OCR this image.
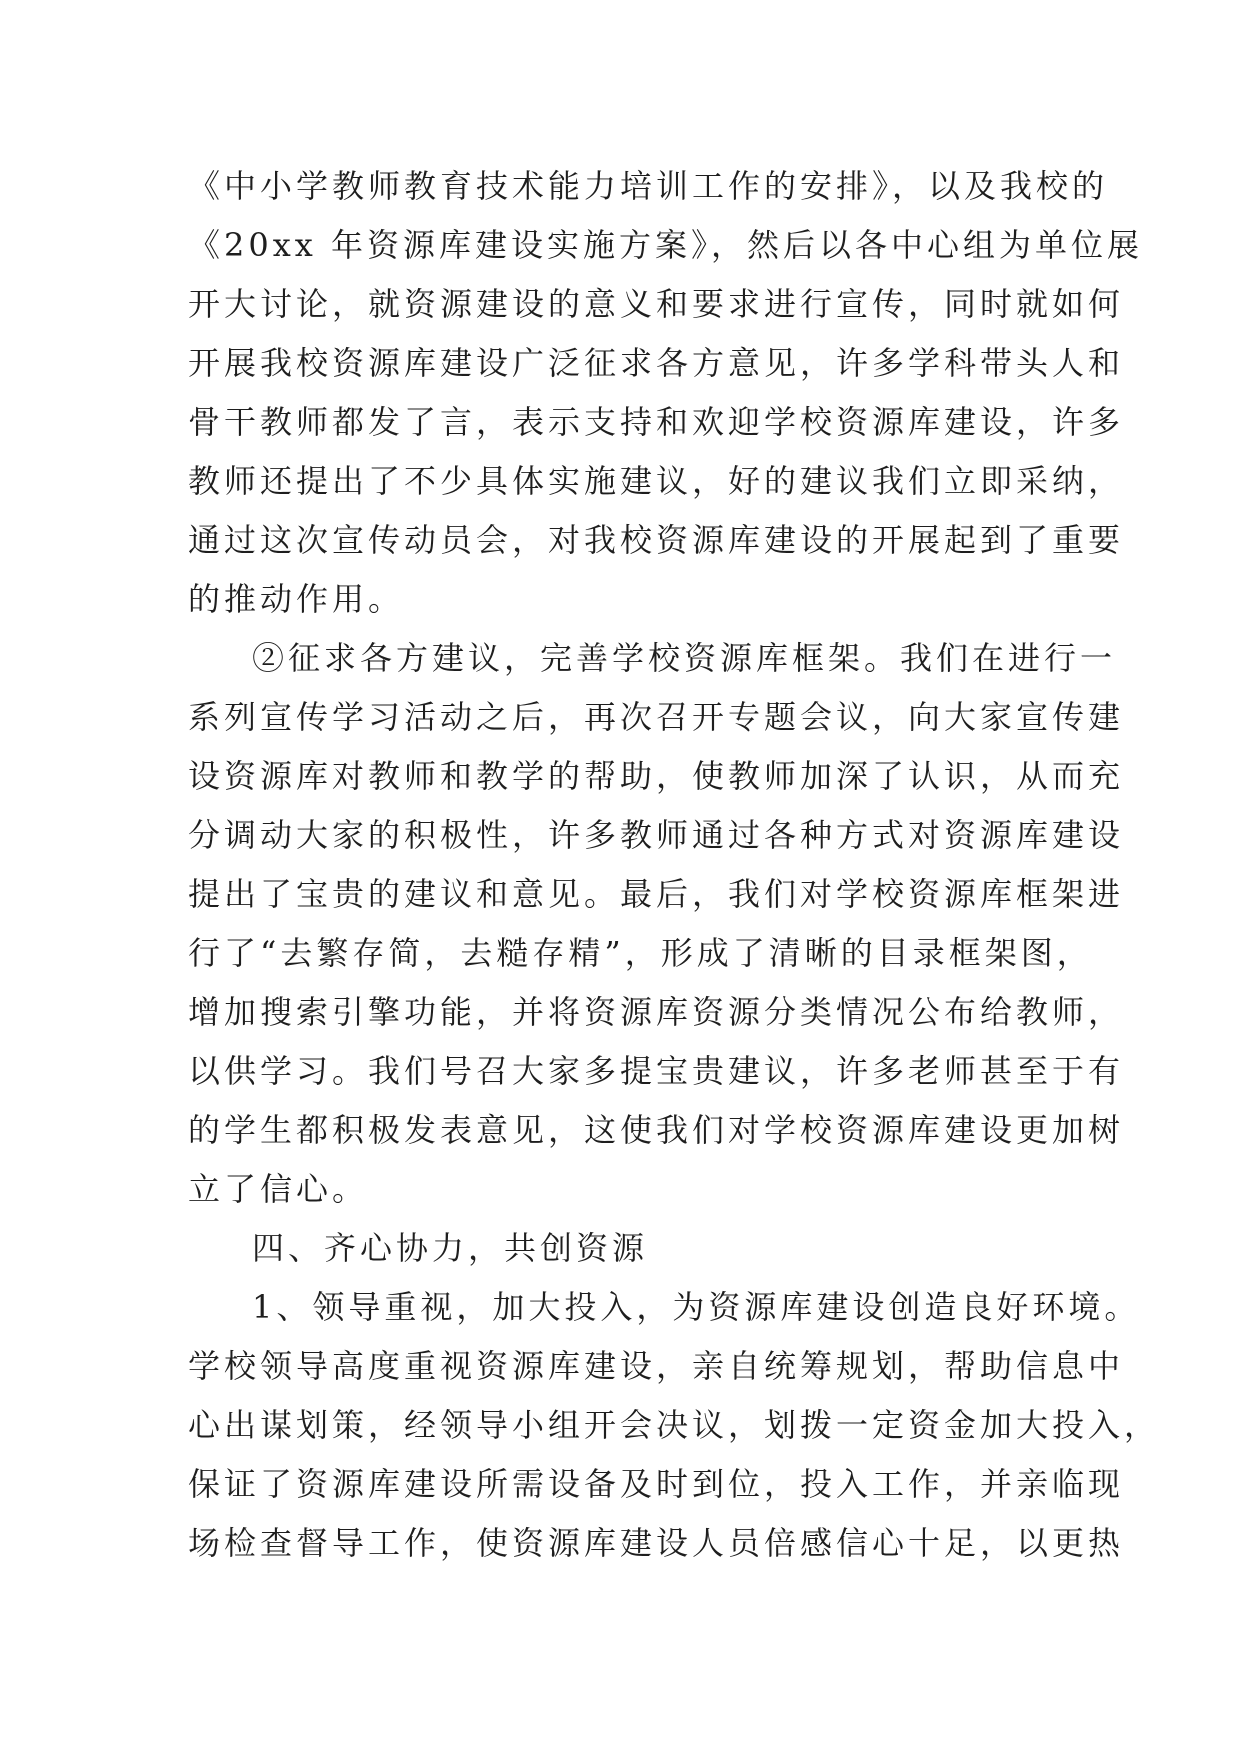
《中小学教师教育技术能力培训工作的安排》，以及我校的
《20xx 年资源库建设实施方案》，然后以各中心组为单位展
开大讨论，就资源建设的意义和要求进行宣传，同时就如何
开展我校资源库建设广泛征求各方意见，许多学科带头人和
骨干教师都发了言，表示支持和欢迎学校资源库建设，许多
教师还提出了不少具体实施建议，好的建议我们立即采纳，
通过这次宣传动员会，对我校资源库建设的开展起到了重要
的推动作用。
②征求各方建议，完善学校资源库框架。我们在进行一
系列宣传学习活动之后，再次召开专题会议，向大家宣传建
设资源库对教师和教学的帮助，使教师加深了认识，从而充
分调动大家的积极性，许多教师通过各种方式对资源库建设
提出了宝贵的建议和意见。最后，我们对学校资源库框架进
行了“去繁存简，去糙存精”，形成了清晰的目录框架图，
增加搜索引擎功能，并将资源库资源分类情况公布给教师，
以供学习。我们号召大家多提宝贵建议，许多老师甚至于有
的学生都积极发表意见，这使我们对学校资源库建设更加树
立了信心。
四、齐心协力，共创资源
1、领导重视，加大投入，为资源库建设创造良好环境。
学校领导高度重视资源库建设，亲自统筹规划，帮助信息中
心出谋划策，经领导小组开会决议，划拨一定资金加大投入，
保证了资源库建设所需设备及时到位，投入工作，并亲临现
场检查督导工作，使资源库建设人员倍感信心十足，以更热
